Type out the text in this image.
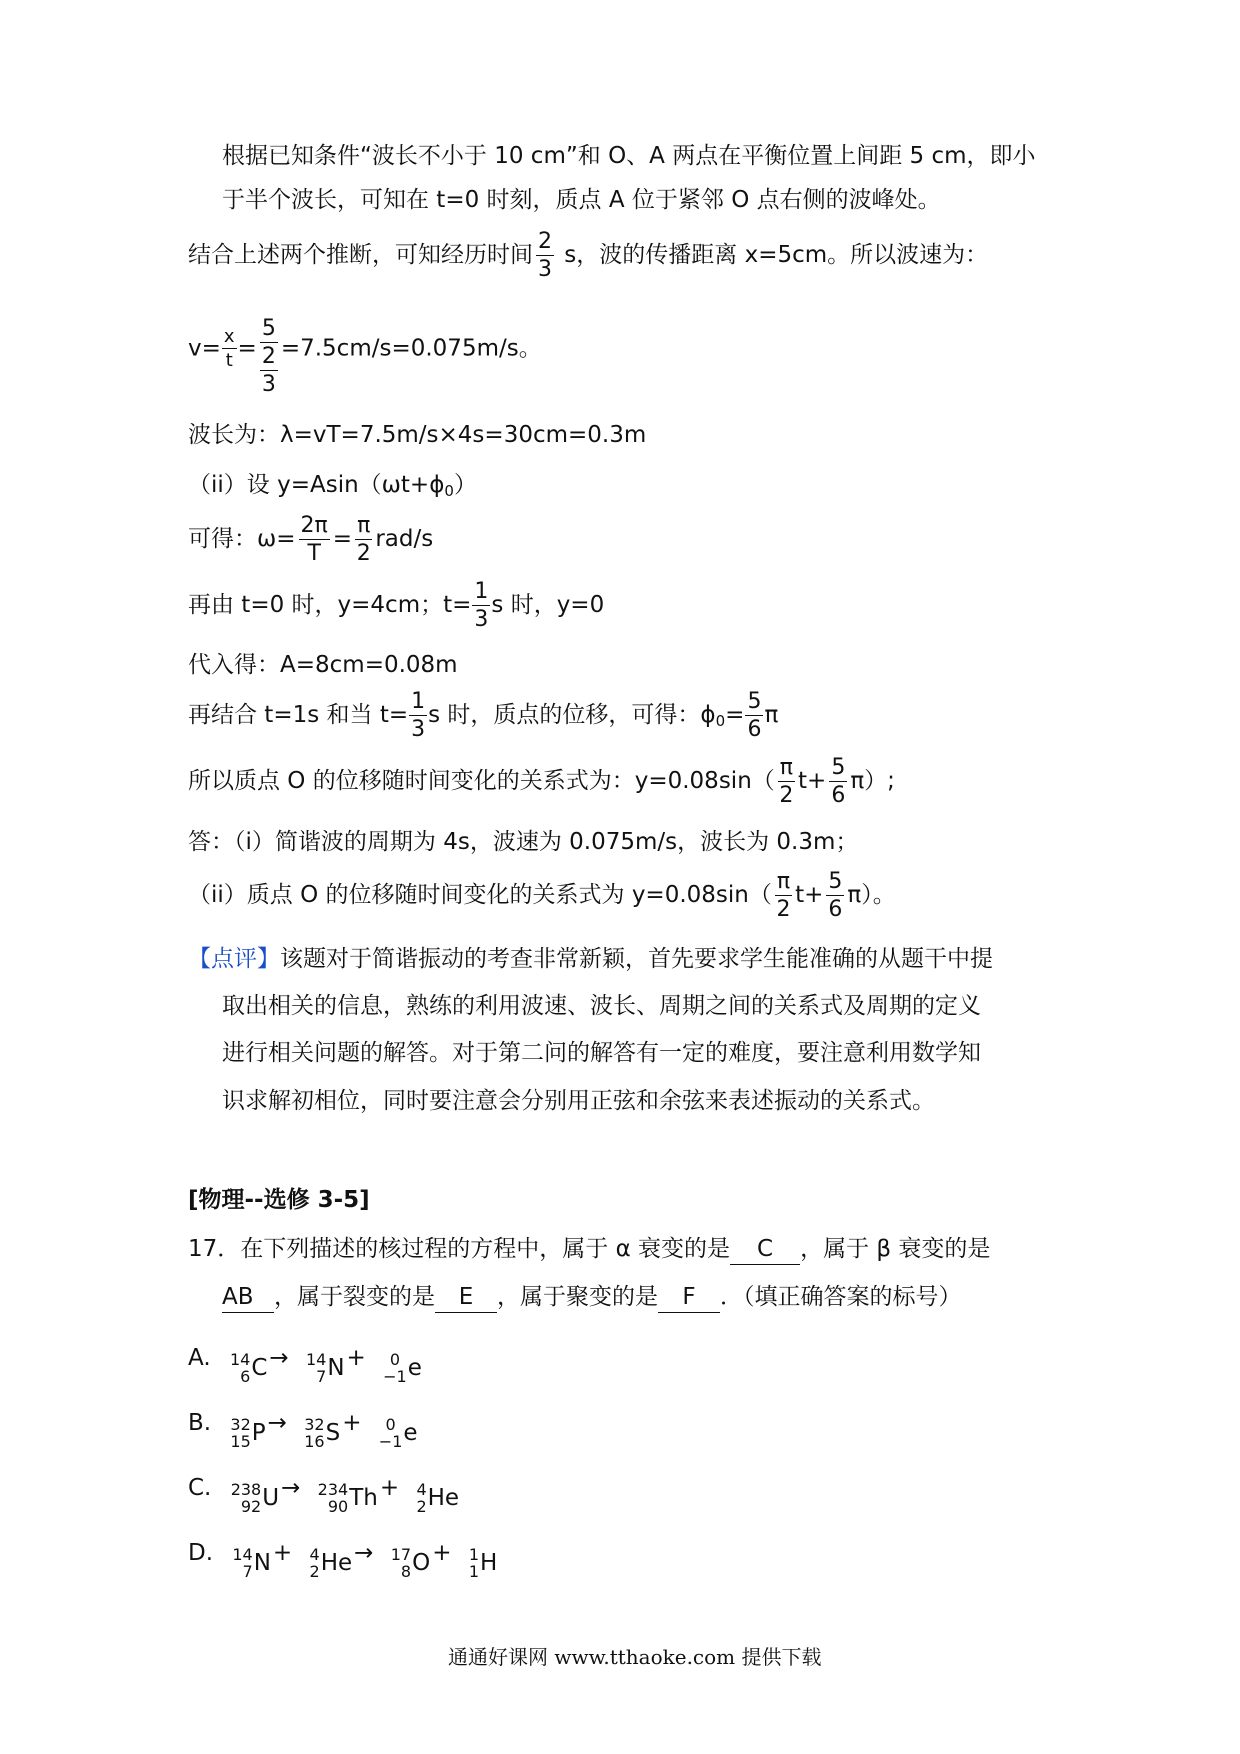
根据已知条件“波长不小于 10 cm”和 O、A 两点在平衡位置上间距 5 cm，即小
于半个波长，可知在 t=0 时刻，质点 A 位于紧邻 O 点右侧的波峰处。
结合上述两个推断，可知经历时间 $\frac{2}{3}$ s，波的传播距离 x=5cm。所以波速为：
$v= \frac{x}{t} = \frac{5}{\frac{2}{3}} =7.5cm/s=0.075m/s$。
波长为：λ=vT=7.5m/s×4s=30cm=0.3m
（ii）设 $y=Asin(\omega t+\phi_0)$
可得：$\omega= \frac{2\pi}{T} = \frac{\pi}{2} rad/s$
再由 t=0 时，y=4cm；$t= \frac{1}{3}$ s 时，y=0
代入得：A=8cm=0.08m
再结合 t=1s 和当 $t= \frac{1}{3}$ s 时，质点的位移，可得：$\phi_0= \frac{5}{6}$ π
所以质点 O 的位移随时间变化的关系式为：$y=0.08\sin( \frac{\pi}{2} t+ \frac{5}{6} \pi)$;
答：（i）简谐波的周期为 4s，波速为 0.075m/s，波长为 0.3m；
（ii）质点 O 的位移随时间变化的关系式为 $y=0.08\sin( \frac{\pi}{2} t+ \frac{5}{6} \pi)$。
【点评】该题对于简谐振动的考查非常新颖，首先要求学生能准确的从题干中提
取出相关的信息，熟练的利用波速、波长、周期之间的关系式及周期的定义
进行相关问题的解答。对于第二问的解答有一定的难度，要注意利用数学知
识求解初相位，同时要注意会分别用正弦和余弦来表述振动的关系式。
[物理--选修 3-5]
17．在下列描述的核过程的方程中，属于 α 衰变的是 C ，属于 β 衰变的是
AB ，属于裂变的是 E ，属于聚变的是 F ．（填正确答案的标号）
A. 14
6 C → 14
7 N +	0
−1 e
B. 32
15 P → 32
16 S +	0
−1 e
C. 238
92 U → 234
90 Th + 4
2 He
D. 14
7 N + 4
2 He → 17
8 O + 1
1 H
通通好课网 www.tthaoke.com 提供下载
